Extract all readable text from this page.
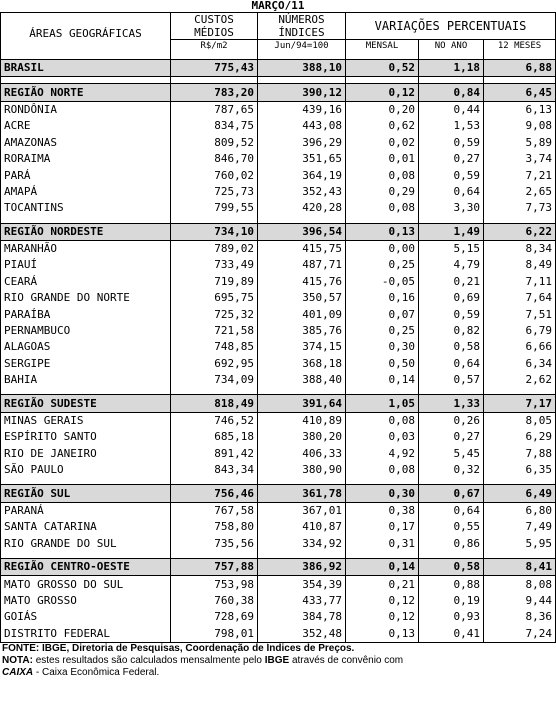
MARÇO/11
ÁREAS GEOGRÁFICAS	CUSTOS MÉDIOS	NÚMEROS ÍNDICES	VARIAÇÕES PERCENTUAIS		
	R$/m2	Jun/94=100	MENSAL	NO ANO	12 MESES

BRASIL	775,43	388,10	0,52	1,18	6,88

REGIÃO NORTE	783,20	390,12	0,12	0,84	6,45
RONDÔNIA	787,65	439,16	0,20	0,44	6,13
ACRE	834,75	443,08	0,62	1,53	9,08
AMAZONAS	809,52	396,29	0,02	0,59	5,89
RORAIMA	846,70	351,65	0,01	0,27	3,74
PARÁ	760,02	364,19	0,08	0,59	7,21
AMAPÁ	725,73	352,43	0,29	0,64	2,65
TOCANTINS	799,55	420,28	0,08	3,30	7,73

REGIÃO NORDESTE	734,10	396,54	0,13	1,49	6,22
MARANHÃO	789,02	415,75	0,00	5,15	8,34
PIAUÍ	733,49	487,71	0,25	4,79	8,49
CEARÁ	719,89	415,76	-0,05	0,21	7,11
RIO GRANDE DO NORTE	695,75	350,57	0,16	0,69	7,64
PARAÍBA	725,32	401,09	0,07	0,59	7,51
PERNAMBUCO	721,58	385,76	0,25	0,82	6,79
ALAGOAS	748,85	374,15	0,30	0,58	6,66
SERGIPE	692,95	368,18	0,50	0,64	6,34
BAHIA	734,09	388,40	0,14	0,57	2,62

REGIÃO SUDESTE	818,49	391,64	1,05	1,33	7,17
MINAS GERAIS	746,52	410,89	0,08	0,26	8,05
ESPÍRITO SANTO	685,18	380,20	0,03	0,27	6,29
RIO DE JANEIRO	891,42	406,33	4,92	5,45	7,88
SÃO PAULO	843,34	380,90	0,08	0,32	6,35

REGIÃO SUL	756,46	361,78	0,30	0,67	6,49
PARANÁ	767,58	367,01	0,38	0,64	6,80
SANTA CATARINA	758,80	410,87	0,17	0,55	7,49
RIO GRANDE DO SUL	735,56	334,92	0,31	0,86	5,95

REGIÃO CENTRO-OESTE	757,88	386,92	0,14	0,58	8,41
MATO GROSSO DO SUL	753,98	354,39	0,21	0,88	8,08
MATO GROSSO	760,38	433,77	0,12	0,19	9,44
GOIÁS	728,69	384,78	0,12	0,93	8,36
DISTRITO FEDERAL	798,01	352,48	0,13	0,41	7,24
FONTE: IBGE, Diretoria de Pesquisas, Coordenação de Índices de Preços.
NOTA: estes resultados são calculados mensalmente pelo IBGE através de convênio com
CAIXA - Caixa Econômica Federal.
